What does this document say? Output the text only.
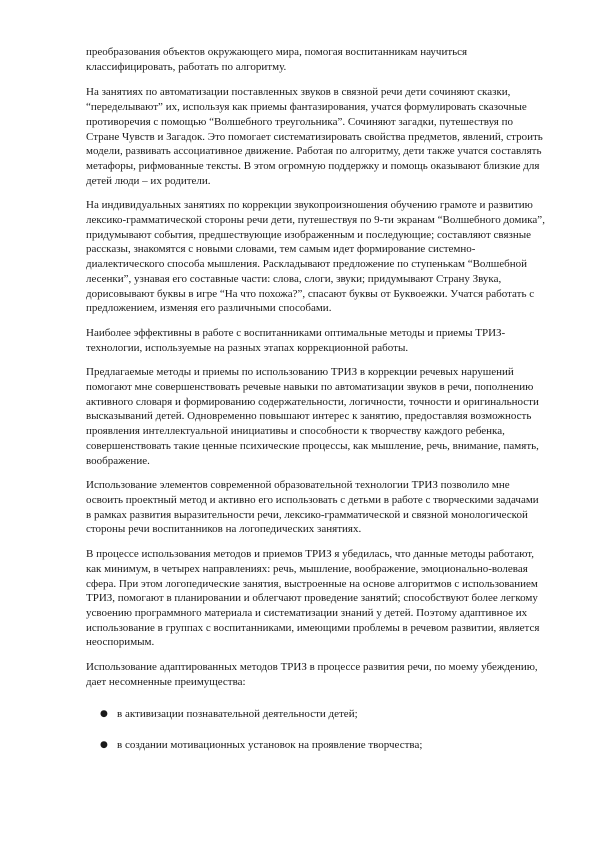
преобразования объектов окружающего мира, помогая воспитанникам научиться классифицировать, работать по алгоритму.

На занятиях по автоматизации поставленных звуков в связной речи дети сочиняют сказки, “переделывают” их, используя как приемы фантазирования, учатся формулировать сказочные противоречия с помощью “Волшебного треугольника”. Сочиняют загадки, путешествуя по Стране Чувств и Загадок. Это помогает систематизировать свойства предметов, явлений, строить модели, развивать ассоциативное движение. Работая по алгоритму, дети также учатся составлять метафоры, рифмованные тексты. В этом огромную поддержку и помощь оказывают близкие для детей люди – их родители.

На индивидуальных занятиях по коррекции звукопроизношения обучению грамоте и развитию лексико-грамматической стороны речи дети, путешествуя по 9-ти экранам “Волшебного домика”, придумывают события, предшествующие изображенным и последующие; составляют связные рассказы, знакомятся с новыми словами, тем самым идет формирование системно-диалектического способа мышления. Раскладывают предложение по ступенькам “Волшебной лесенки”, узнавая его составные части: слова, слоги, звуки; придумывают Страну Звука, дорисовывают буквы в игре “На что похожа?”, спасают буквы от Буквоежки. Учатся работать с предложением, изменяя его различными способами.

Наиболее эффективны в работе с воспитанниками оптимальные методы и приемы ТРИЗ-технологии, используемые на разных этапах коррекционной работы.

Предлагаемые методы и приемы по использованию ТРИЗ в коррекции речевых нарушений помогают мне совершенствовать речевые навыки по автоматизации звуков в речи, пополнению активного словаря и формированию содержательности, логичности, точности и оригинальности высказываний детей. Одновременно повышают интерес к занятию, предоставляя возможность проявления интеллектуальной инициативы и способности к творчеству каждого ребенка, совершенствовать такие ценные психические процессы, как мышление, речь, внимание, память, воображение.

Использование элементов современной образовательной технологии ТРИЗ позволило мне освоить проектный метод и активно его использовать с детьми в работе с творческими задачами в рамках развития выразительности речи, лексико-грамматической и связной монологической стороны речи воспитанников на логопедических занятиях.

В процессе использования методов и приемов ТРИЗ я убедилась, что данные методы работают, как минимум, в четырех направлениях: речь, мышление, воображение, эмоционально-волевая сфера. При этом логопедические занятия, выстроенные на основе алгоритмов с использованием ТРИЗ, помогают в планировании и облегчают проведение занятий; способствуют более легкому усвоению программного материала и систематизации знаний у детей. Поэтому адаптивное их использование в группах с воспитанниками, имеющими проблемы в речевом развитии, является неоспоримым.

Использование адаптированных методов ТРИЗ в процессе развития речи, по моему убеждению, дает несомненные преимущества:

● в активизации познавательной деятельности детей;
● в создании мотивационных установок на проявление творчества;
